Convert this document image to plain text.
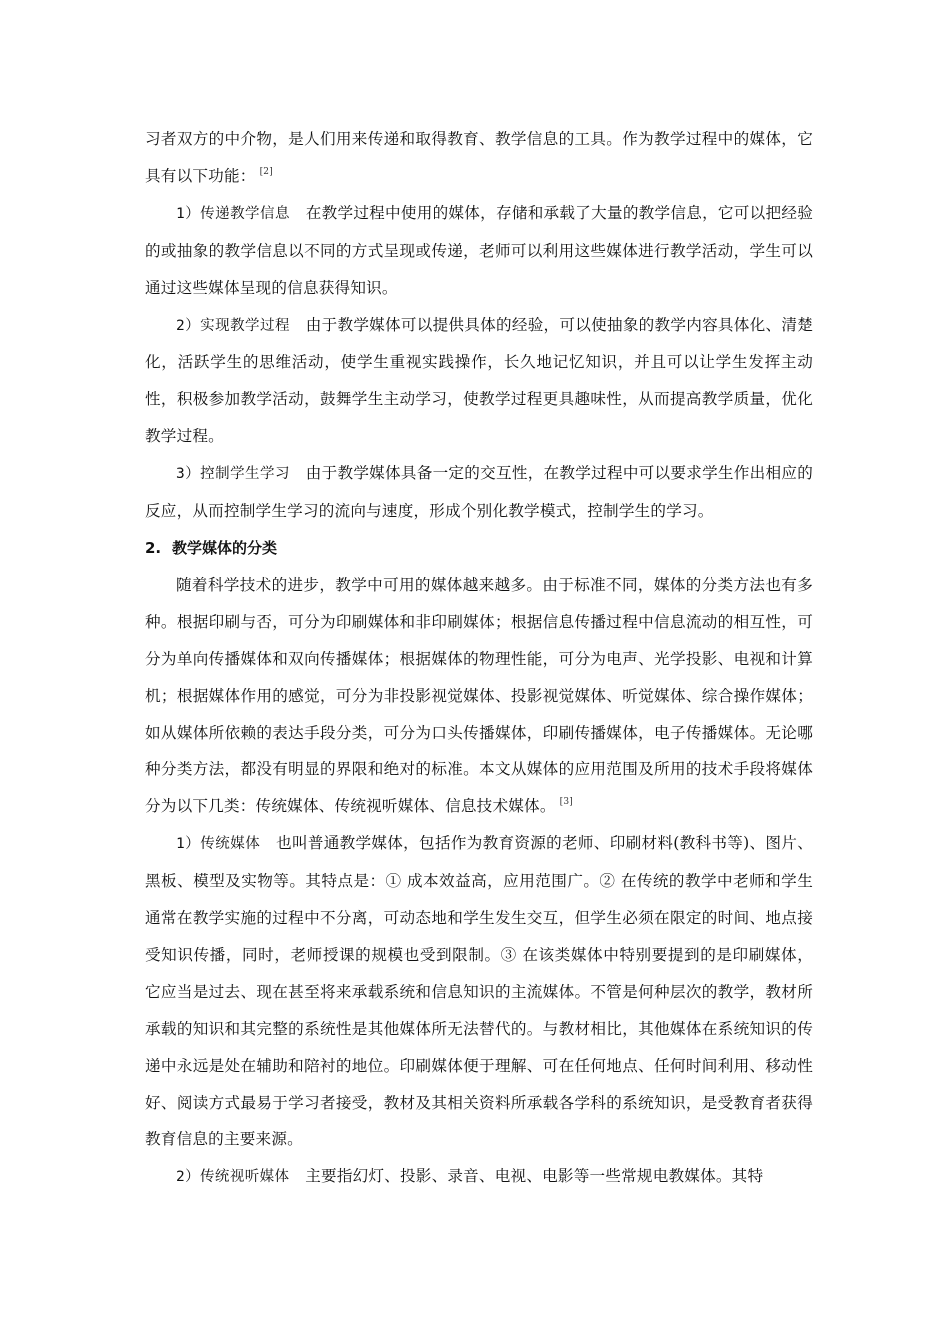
习者双方的中介物，是人们用来传递和取得教育、教学信息的工具。作为教学过程中的媒体，它具有以下功能： [2]

1）传递教学信息  在教学过程中使用的媒体，存储和承载了大量的教学信息，它可以把经验的或抽象的教学信息以不同的方式呈现或传递，老师可以利用这些媒体进行教学活动，学生可以通过这些媒体呈现的信息获得知识。

2）实现教学过程  由于教学媒体可以提供具体的经验，可以使抽象的教学内容具体化、清楚化，活跃学生的思维活动，使学生重视实践操作，长久地记忆知识，并且可以让学生发挥主动性，积极参加教学活动，鼓舞学生主动学习，使教学过程更具趣味性，从而提高教学质量，优化教学过程。

3）控制学生学习  由于教学媒体具备一定的交互性，在教学过程中可以要求学生作出相应的反应，从而控制学生学习的流向与速度，形成个别化教学模式，控制学生的学习。

2. 教学媒体的分类

随着科学技术的进步，教学中可用的媒体越来越多。由于标准不同，媒体的分类方法也有多种。根据印刷与否，可分为印刷媒体和非印刷媒体；根据信息传播过程中信息流动的相互性，可分为单向传播媒体和双向传播媒体；根据媒体的物理性能，可分为电声、光学投影、电视和计算机；根据媒体作用的感觉，可分为非投影视觉媒体、投影视觉媒体、听觉媒体、综合操作媒体；如从媒体所依赖的表达手段分类，可分为口头传播媒体，印刷传播媒体，电子传播媒体。无论哪种分类方法，都没有明显的界限和绝对的标准。本文从媒体的应用范围及所用的技术手段将媒体分为以下几类：传统媒体、传统视听媒体、信息技术媒体。 [3]

1）传统媒体  也叫普通教学媒体，包括作为教育资源的老师、印刷材料(教科书等)、图片、黑板、模型及实物等。其特点是：① 成本效益高，应用范围广。② 在传统的教学中老师和学生通常在教学实施的过程中不分离，可动态地和学生发生交互，但学生必须在限定的时间、地点接受知识传播，同时，老师授课的规模也受到限制。③ 在该类媒体中特别要提到的是印刷媒体，它应当是过去、现在甚至将来承载系统和信息知识的主流媒体。不管是何种层次的教学，教材所承载的知识和其完整的系统性是其他媒体所无法替代的。与教材相比，其他媒体在系统知识的传递中永远是处在辅助和陪衬的地位。印刷媒体便于理解、可在任何地点、任何时间利用、移动性好、阅读方式最易于学习者接受，教材及其相关资料所承载各学科的系统知识，是受教育者获得教育信息的主要来源。

2）传统视听媒体  主要指幻灯、投影、录音、电视、电影等一些常规电教媒体。其特
